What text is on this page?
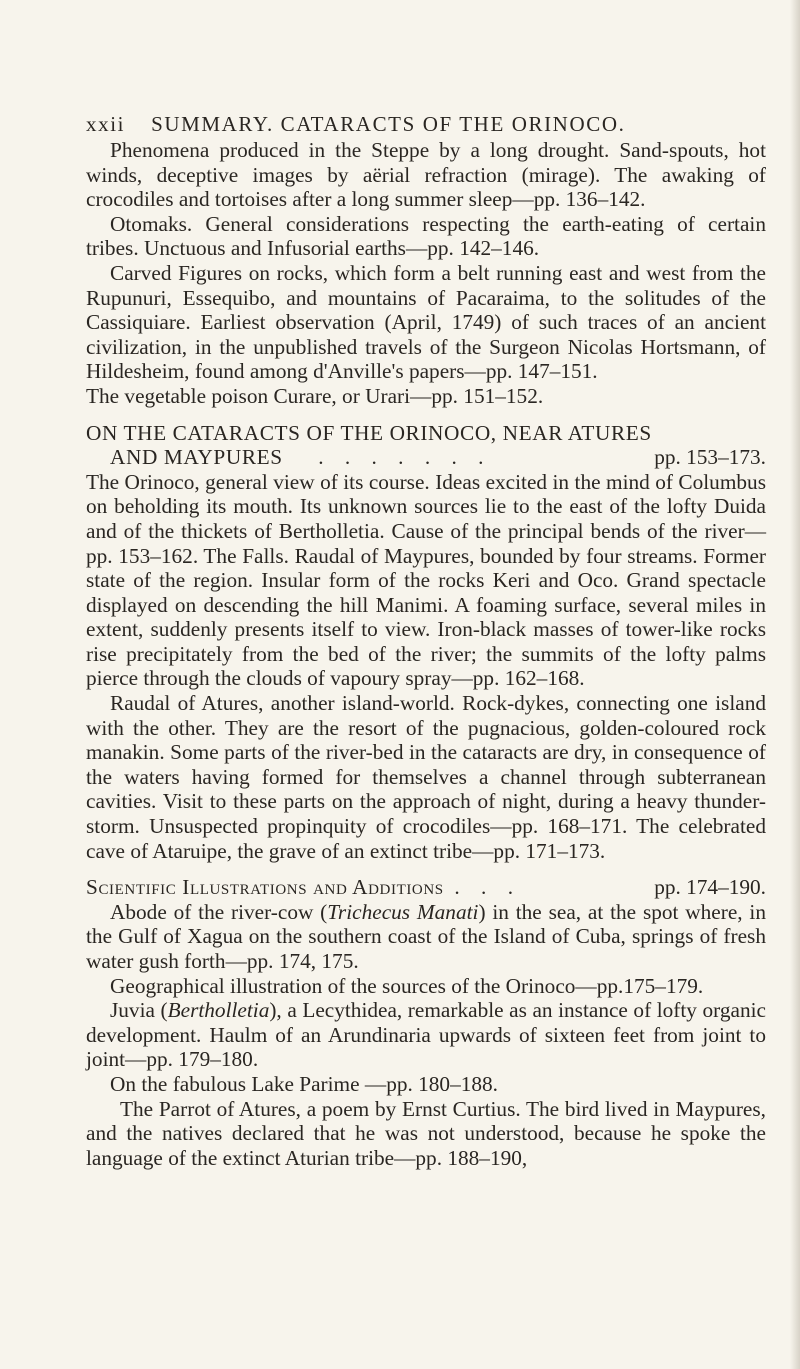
xxii SUMMARY. CATARACTS OF THE ORINOCO.

Phenomena produced in the Steppe by a long drought. Sand-spouts, hot winds, deceptive images by aërial refraction (mirage). The awaking of crocodiles and tortoises after a long summer sleep—pp. 136–142.

Otomaks. General considerations respecting the earth-eating of certain tribes. Unctuous and Infusorial earths—pp. 142–146.

Carved Figures on rocks, which form a belt running east and west from the Rupunuri, Essequibo, and mountains of Pacaraima, to the solitudes of the Cassiquiare. Earliest observation (April, 1749) of such traces of an ancient civilization, in the unpublished travels of the Surgeon Nicolas Hortsmann, of Hildesheim, found among d'Anville's papers—pp. 147–151.

The vegetable poison Curare, or Urari—pp. 151–152.

ON THE CATARACTS OF THE ORINOCO, NEAR ATURES
AND MAYPURES . . . . . . .	pp. 153–173.

The Orinoco, general view of its course. Ideas excited in the mind of Columbus on beholding its mouth. Its unknown sources lie to the east of the lofty Duida and of the thickets of Bertholletia. Cause of the principal bends of the river—pp. 153–162. The Falls. Raudal of Maypures, bounded by four streams. Former state of the region. Insular form of the rocks Keri and Oco. Grand spectacle displayed on descending the hill Manimi. A foaming surface, several miles in extent, suddenly presents itself to view. Iron-black masses of tower-like rocks rise precipitately from the bed of the river; the summits of the lofty palms pierce through the clouds of vapoury spray—pp. 162–168.

Raudal of Atures, another island-world. Rock-dykes, connecting one island with the other. They are the resort of the pugnacious, golden-coloured rock manakin. Some parts of the river-bed in the cataracts are dry, in consequence of the waters having formed for themselves a channel through subterranean cavities. Visit to these parts on the approach of night, during a heavy thunder-storm. Unsuspected propinquity of crocodiles—pp. 168–171. The celebrated cave of Ataruipe, the grave of an extinct tribe—pp. 171–173.

Scientific Illustrations and Additions . . .	pp. 174–190.

Abode of the river-cow (Trichecus Manati) in the sea, at the spot where, in the Gulf of Xagua on the southern coast of the Island of Cuba, springs of fresh water gush forth—pp. 174, 175.

Geographical illustration of the sources of the Orinoco—pp.175–179.

Juvia (Bertholletia), a Lecythidea, remarkable as an instance of lofty organic development. Haulm of an Arundinaria upwards of sixteen feet from joint to joint—pp. 179–180.

On the fabulous Lake Parime —pp. 180–188.

The Parrot of Atures, a poem by Ernst Curtius. The bird lived in Maypures, and the natives declared that he was not understood, because he spoke the language of the extinct Aturian tribe—pp. 188–190,
